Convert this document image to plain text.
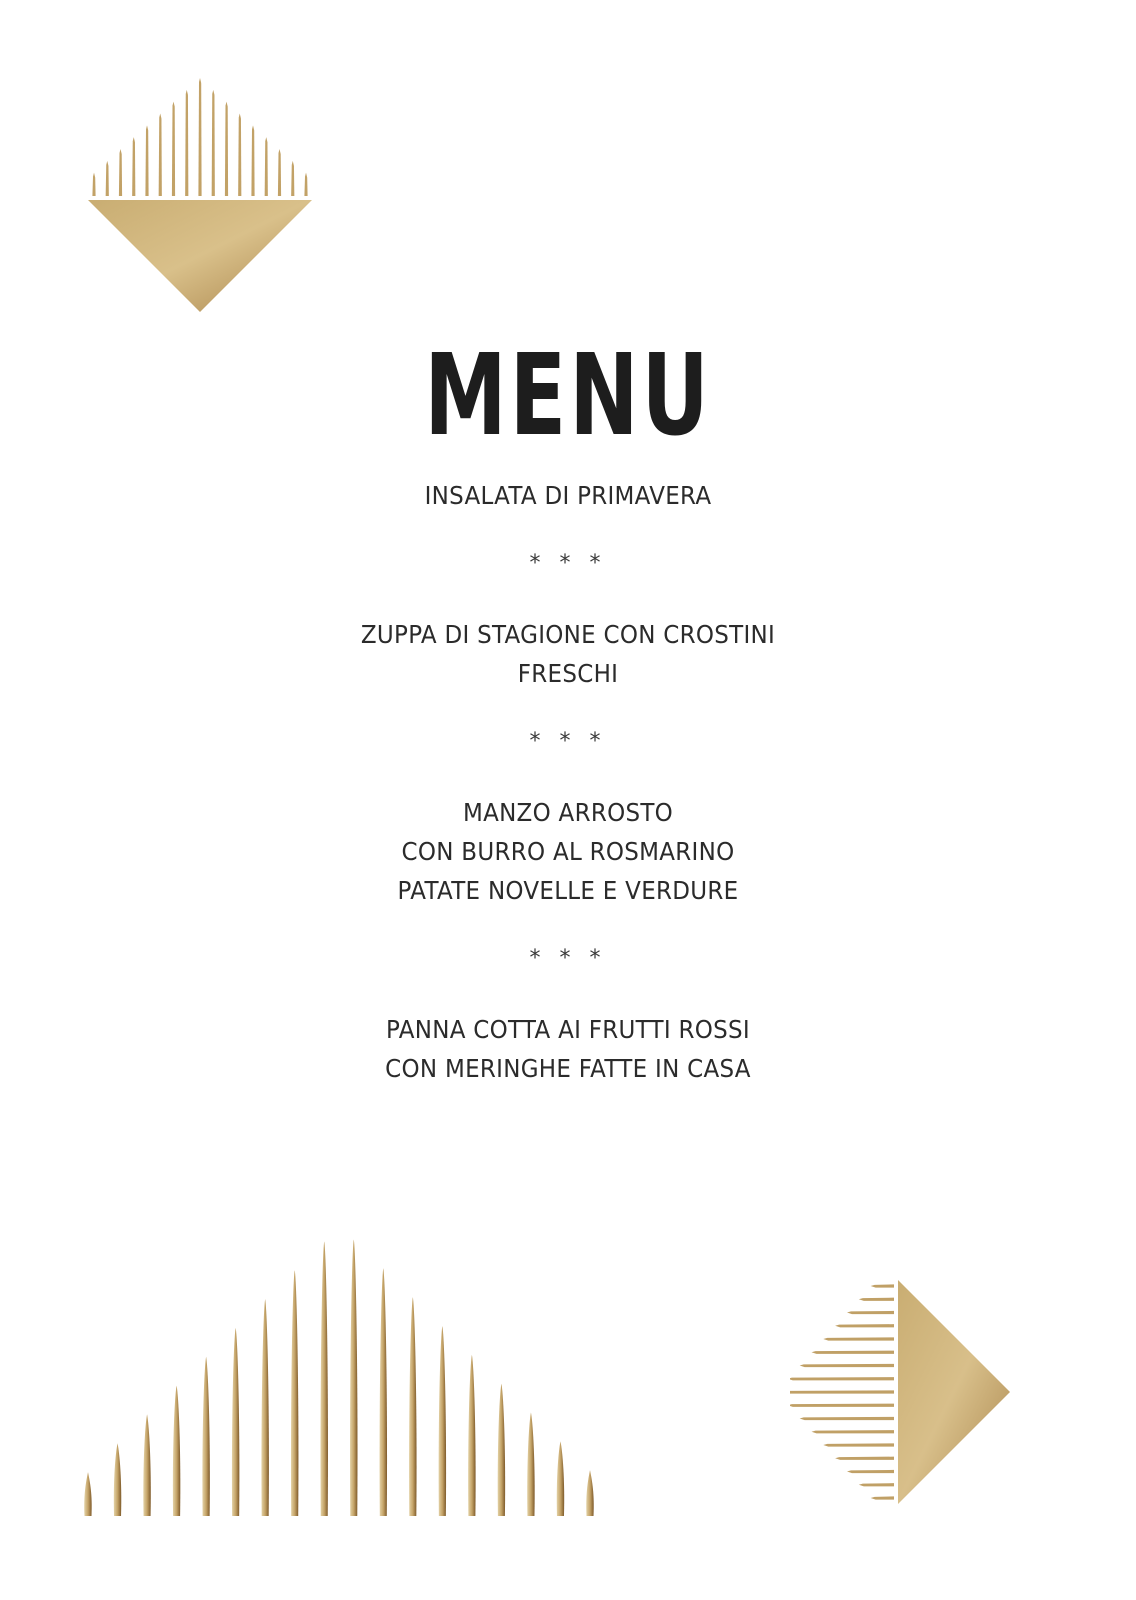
MENU
INSALATA DI PRIMAVERA
* * *
ZUPPA DI STAGIONE CON CROSTINI
FRESCHI
* * *
MANZO ARROSTO
CON BURRO AL ROSMARINO
PATATE NOVELLE E VERDURE
* * *
PANNA COTTA AI FRUTTI ROSSI
CON MERINGHE FATTE IN CASA
